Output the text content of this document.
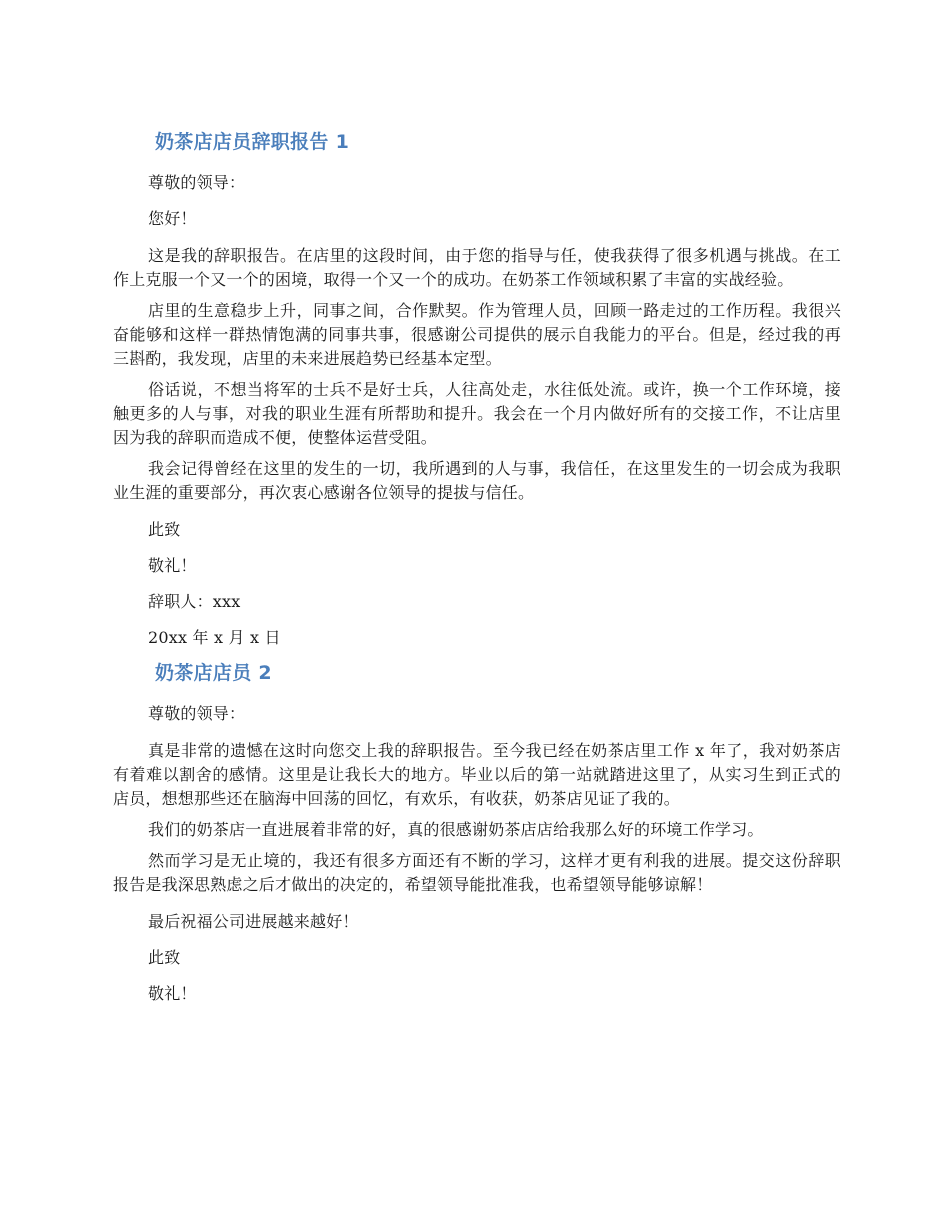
奶茶店店员辞职报告 1

尊敬的领导：

您好！

这是我的辞职报告。在店里的这段时间，由于您的指导与任，使我获得了很多机遇与挑战。在工作上克服一个又一个的困境，取得一个又一个的成功。在奶茶工作领域积累了丰富的实战经验。

店里的生意稳步上升，同事之间，合作默契。作为管理人员，回顾一路走过的工作历程。我很兴奋能够和这样一群热情饱满的同事共事，很感谢公司提供的展示自我能力的平台。但是，经过我的再三斟酌，我发现，店里的未来进展趋势已经基本定型。

俗话说，不想当将军的士兵不是好士兵，人往高处走，水往低处流。或许，换一个工作环境，接触更多的人与事，对我的职业生涯有所帮助和提升。我会在一个月内做好所有的交接工作，不让店里因为我的辞职而造成不便，使整体运营受阻。

我会记得曾经在这里的发生的一切，我所遇到的人与事，我信任，在这里发生的一切会成为我职业生涯的重要部分，再次衷心感谢各位领导的提拔与信任。

此致

敬礼！

辞职人：xxx

20xx 年 x 月 x 日

奶茶店店员 2

尊敬的领导：

真是非常的遗憾在这时向您交上我的辞职报告。至今我已经在奶茶店里工作 x 年了，我对奶茶店有着难以割舍的感情。这里是让我长大的地方。毕业以后的第一站就踏进这里了，从实习生到正式的店员，想想那些还在脑海中回荡的回忆，有欢乐，有收获，奶茶店见证了我的。

我们的奶茶店一直进展着非常的好，真的很感谢奶茶店店给我那么好的环境工作学习。

然而学习是无止境的，我还有很多方面还有不断的学习，这样才更有利我的进展。提交这份辞职报告是我深思熟虑之后才做出的决定的，希望领导能批准我，也希望领导能够谅解！

最后祝福公司进展越来越好！

此致

敬礼！
